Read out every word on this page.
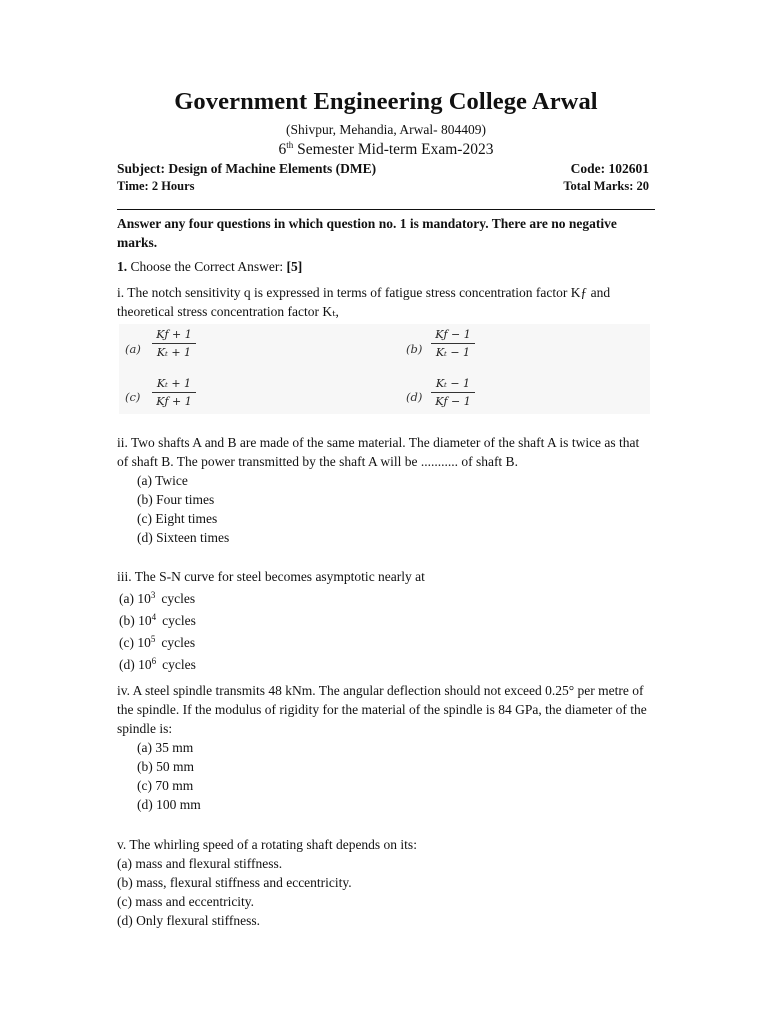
Government Engineering College Arwal
(Shivpur, Mehandia, Arwal- 804409)
6th Semester Mid-term Exam-2023
Subject: Design of Machine Elements (DME)	Code: 102601
Time: 2 Hours	Total Marks: 20
Answer any four questions in which question no. 1 is mandatory. There are no negative marks.
1. Choose the Correct Answer: [5]
i. The notch sensitivity q is expressed in terms of fatigue stress concentration factor Kƒ and theoretical stress concentration factor Kₜ,
(a)
Kƒ + 1
Kₜ + 1	(b)
Kƒ − 1
Kₜ − 1
(c)
Kₜ + 1
Kƒ + 1	(d)
Kₜ − 1
Kƒ − 1
ii. Two shafts A and B are made of the same material. The diameter of the shaft A is twice as that of shaft B. The power transmitted by the shaft A will be ........... of shaft B.
(a) Twice
(b) Four times
(c) Eight times
(d) Sixteen times
iii. The S-N curve for steel becomes asymptotic nearly at
(a) $10^3$ cycles
(b) $10^4$ cycles
(c) $10^5$ cycles
(d) $10^6$ cycles
iv. A steel spindle transmits 48 kNm. The angular deflection should not exceed 0.25° per metre of the spindle. If the modulus of rigidity for the material of the spindle is 84 GPa, the diameter of the spindle is:
(a) 35 mm
(b) 50 mm
(c) 70 mm
(d) 100 mm
v. The whirling speed of a rotating shaft depends on its:
(a) mass and flexural stiffness.
(b) mass, flexural stiffness and eccentricity.
(c) mass and eccentricity.
(d) Only flexural stiffness.
